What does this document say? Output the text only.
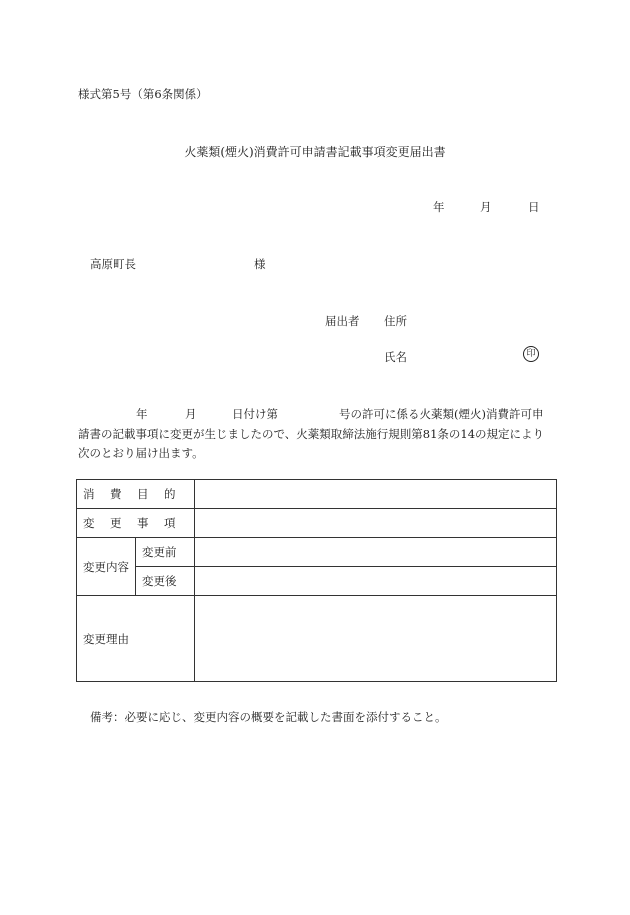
様式第5号（第6条関係）
火薬類(煙火)消費許可申請書記載事項変更届出書
年	月	日
高原町長	様
届出者 住所
氏名	印
年	月	日付け第	号の許可に係る火薬類(煙火)消費許可申
請書の記載事項に変更が生じましたので、火薬類取締法施行規則第81条の14の規定により
次のとおり届け出ます。
消 費 目 的		
変 更 事 項		
変更内容	変更前	
	変更後	
変更理由		
備考：必要に応じ、変更内容の概要を記載した書面を添付すること。
